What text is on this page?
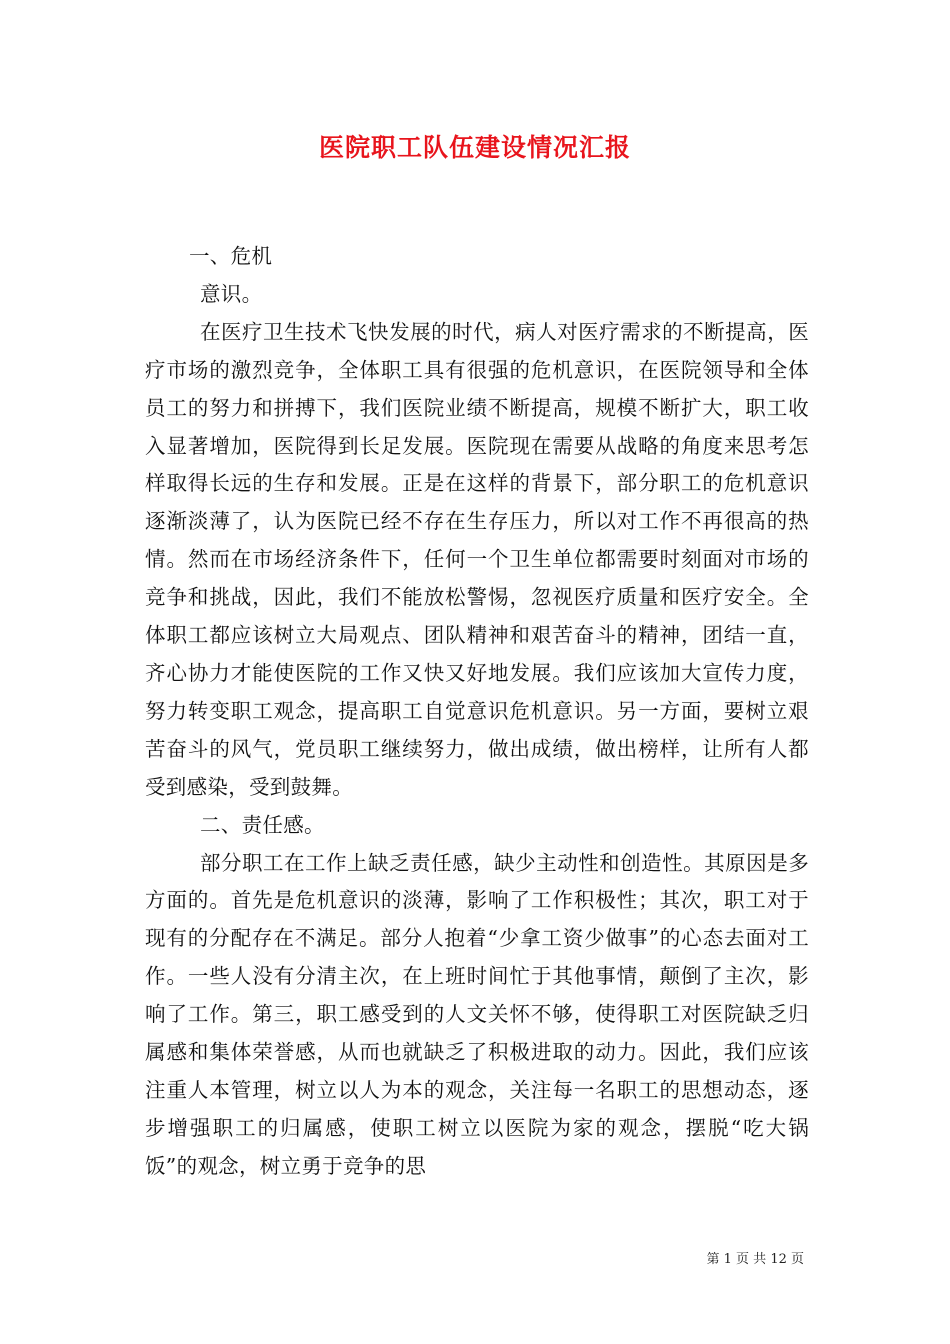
医院职工队伍建设情况汇报

一、危机

意识。

在医疗卫生技术飞快发展的时代，病人对医疗需求的不断提高，医疗市场的激烈竞争，全体职工具有很强的危机意识，在医院领导和全体员工的努力和拼搏下，我们医院业绩不断提高，规模不断扩大，职工收入显著增加，医院得到长足发展。医院现在需要从战略的角度来思考怎样取得长远的生存和发展。正是在这样的背景下，部分职工的危机意识逐渐淡薄了，认为医院已经不存在生存压力，所以对工作不再很高的热情。然而在市场经济条件下，任何一个卫生单位都需要时刻面对市场的竞争和挑战，因此，我们不能放松警惕，忽视医疗质量和医疗安全。全体职工都应该树立大局观点、团队精神和艰苦奋斗的精神，团结一直，齐心协力才能使医院的工作又快又好地发展。我们应该加大宣传力度，努力转变职工观念，提高职工自觉意识危机意识。另一方面，要树立艰苦奋斗的风气，党员职工继续努力，做出成绩，做出榜样，让所有人都受到感染，受到鼓舞。

二、责任感。

部分职工在工作上缺乏责任感，缺少主动性和创造性。其原因是多方面的。首先是危机意识的淡薄，影响了工作积极性；其次，职工对于现有的分配存在不满足。部分人抱着“少拿工资少做事”的心态去面对工作。一些人没有分清主次，在上班时间忙于其他事情，颠倒了主次，影响了工作。第三，职工感受到的人文关怀不够，使得职工对医院缺乏归属感和集体荣誉感，从而也就缺乏了积极进取的动力。因此，我们应该注重人本管理，树立以人为本的观念，关注每一名职工的思想动态，逐步增强职工的归属感，使职工树立以医院为家的观念，摆脱“吃大锅饭”的观念，树立勇于竞争的思

第 1 页 共 12 页
